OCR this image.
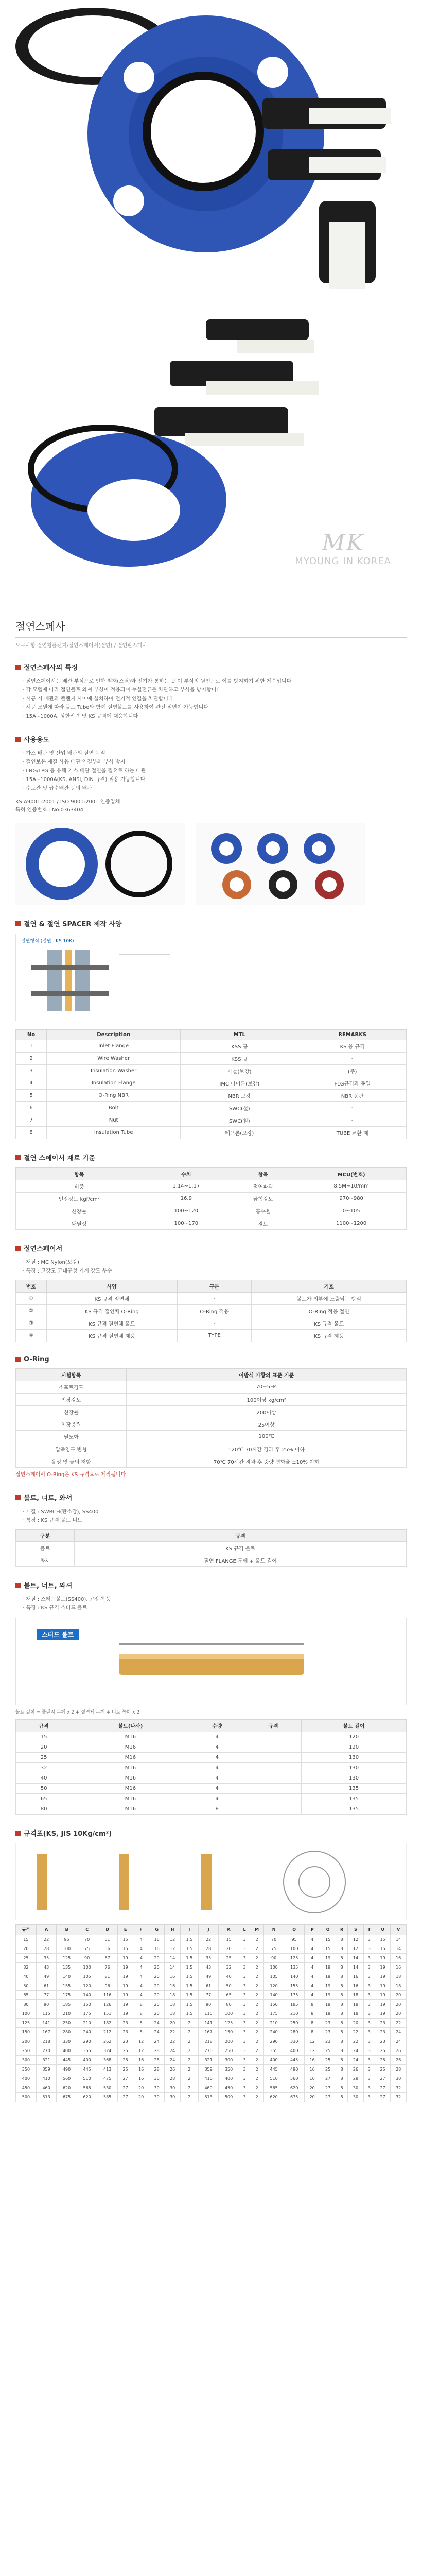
MK
MYOUNG IN KOREA
절연스페사
요구사항 절연형플랜지/절연스페이서(절연) / 절연판스페사
절연스페사의 특징
· 절연스페이서는 배관 부식으로 인한 철재(스틸)와 전기가 통하는 곳 이 부식의 원인으로 이를 방지하기 위한 제품입니다
· 각 모델에 따라 절연볼트 와셔 부싱이 적용되며 누설전류를 차단하고 부식을 방지합니다
· 시공 시 배관과 플랜지 사이에 설치하여 전기적 연결을 차단합니다
· 시공 모델에 따라 볼트 Tube와 함께 절연볼트를 사용하여 완전 절연이 가능합니다
· 15A~1000A, 상한압력 및 KS 규격에 대응합니다
사용용도
· 가스 배관 및 산업 배관의 절연 목적
· 절연보온 재질 사용 배관 연결부의 부식 방지
· LNG/LPG 등 유해 가스 배관 절연을 필요로 하는 배관
· 15A~1000A(KS, ANSI, DIN 규격) 적용 가능합니다
· 수도관 및 급수배관 등의 배관
KS A9001:2001 / ISO 9001:2001 인증업체
특허 인증번호 : No.0363404
절연 & 절연 SPACER 제작 사양
절연형식 (절연...KS 10K)
No	Description	MTL	REMARKS
1	Inlet Flange	KSS 규	KS 용 규격
2	Wire Washer	KSS 규	-
3	Insulation Washer	페놀(보강)	(주)
4	Insulation Flange	IMC 나이론(보강)	FLG규격과 동일
5	O-Ring NBR	NBR 보강	NBR 동관
6	Bolt	SWC(철)	-
7	Nut	SWC(철)	-
8	Insulation Tube	테프론(보강)	TUBE 교환 제
절연 스페이서 재료 기준
항목	수치	항목	MCU(번호)
비중	1.14~1.17	절연파괴	8.5M~10/mm
인장강도 kgf/cm²	16.9	굽힘강도	970~980
신장률	100~120	흡수율	0~105
내열성	100~170	경도	1100~1200
절연스페이서
· 재질 : MC Nylon(보강)
· 특징 : 고강도 고내구성 기계 강도 우수
번호	사양	구분	기호
①	KS 규격 절연체	-	볼트가 외부에 노출되는 방식
②	KS 규격 절연체 O-Ring	O-Ring 적용	O-Ring 적용 절연
③	KS 규격 절연체 볼트	-	KS 규격 볼트
④	KS 규격 절연체 제품	TYPE	KS 규격 제품
O-Ring
시험항목	이방식 가황의 표준 기준
소프트경도	70±5Hs
인장강도	100이상 kg/cm²
신장률	200이상
인장응력	25이상
열노화	100℃
압축영구 변형	120℃ 70시간 경과 후 25% 이하
유성 및 물의 저항	70℃ 70시간 경과 후 중량 변화율 ±10% 이하
절연스페이서 O-Ring은 KS 규격으로 제작됩니다.
볼트, 너트, 와셔
· 재질 : SWRCH(탄소강), SS400
· 특징 : KS 규격 볼트 너트
구분	규격
볼트	KS 규격 볼트
와셔	절연 FLANGE 두께 + 볼트 길이
볼트, 너트, 와셔
· 재질 : 스터드볼트(SS400), 고장력 등
· 특징 : KS 규격 스터드 볼트
스터드 볼트
볼트 길이 = 플랜지 두께 x 2 + 절연체 두께 + 너트 높이 x 2
규격	볼트(나사)	수량	규격	볼트 길이
15	M16	4		120
20	M16	4		120
25	M16	4		130
32	M16	4		130
40	M16	4		130
50	M16	4		135
65	M16	4		135
80	M16	8		135
규격표(KS, JIS 10Kg/cm²)
규격	A	B	C	D	E	F	G	H	I	J	K	L	M	N	O	P	Q	R	S	T	U	V
15	22	95	70	51	15	4	16	12	1.5	22	15	3	2	70	95	4	15	8	12	3	15	14
20	28	100	75	56	15	4	16	12	1.5	28	20	3	2	75	100	4	15	8	12	3	15	14
25	35	125	90	67	19	4	20	14	1.5	35	25	3	2	90	125	4	19	8	14	3	19	16
32	43	135	100	76	19	4	20	14	1.5	43	32	3	2	100	135	4	19	8	14	3	19	16
40	49	140	105	81	19	4	20	16	1.5	49	40	3	2	105	140	4	19	8	16	3	19	18
50	61	155	120	96	19	4	20	16	1.5	61	50	3	2	120	155	4	19	8	16	3	19	18
65	77	175	140	116	19	4	20	18	1.5	77	65	3	2	140	175	4	19	8	18	3	19	20
80	90	185	150	126	19	8	20	18	1.5	90	80	3	2	150	185	8	19	8	18	3	19	20
100	115	210	175	151	19	8	20	18	1.5	115	100	3	2	175	210	8	19	8	18	3	19	20
125	141	250	210	182	23	8	24	20	2	141	125	3	2	210	250	8	23	8	20	3	23	22
150	167	280	240	212	23	8	24	22	2	167	150	3	2	240	280	8	23	8	22	3	23	24
200	218	330	290	262	23	12	24	22	2	218	200	3	2	290	330	12	23	8	22	3	23	24
250	270	400	355	324	25	12	28	24	2	270	250	3	2	355	400	12	25	8	24	3	25	26
300	321	445	400	368	25	16	28	24	2	321	300	3	2	400	445	16	25	8	24	3	25	26
350	359	490	445	413	25	16	28	26	2	359	350	3	2	445	490	16	25	8	26	3	25	28
400	410	560	510	475	27	16	30	28	2	410	400	3	2	510	560	16	27	8	28	3	27	30
450	460	620	565	530	27	20	30	30	2	460	450	3	2	565	620	20	27	8	30	3	27	32
500	513	675	620	585	27	20	30	30	2	513	500	3	2	620	675	20	27	8	30	3	27	32
